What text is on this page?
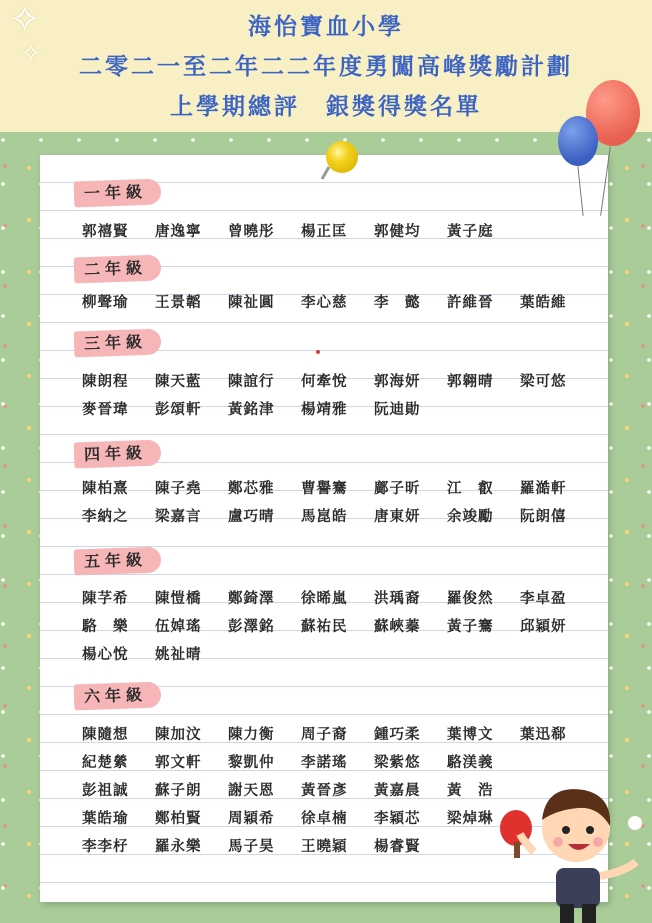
✧
✧
海怡寶血小學
二零二一至二年二二年度勇闖高峰獎勵計劃
上學期總評　銀獎得獎名單
一年級
郭禧賢 唐逸寧 曾曉彤 楊正匡 郭健均 黃子庭
二年級
柳聲瑜 王景韜 陳祉圓 李心慈 李　懿 許維晉 葉皓維
三年級
陳朗程 陳天藍 陳誼行 何牽悅 郭海妍 郭翱晴 梁可悠
麥晉瑋 彭頌軒 黃銘津 楊靖雅 阮迪勛
四年級
陳柏熹 陳子堯 鄭芯雅 曹譽騫 鄺子昕 江　叡 羅澔軒
李納之 梁嘉言 盧巧晴 馬崑皓 唐東妍 余竣勵 阮朗僖
五年級
陳芓希 陳愷橋 鄭錡澤 徐晞嵐 洪瑀裔 羅俊然 李卓盈
駱　樂 伍婥瑤 彭澤銘 蘇祐民 蘇峽蓁 黃子騫 邱穎妍
楊心悅 姚祉晴
六年級
陳隨想 陳加汶 陳力衡 周子裔 鍾巧柔 葉博文 葉迅郗
紀楚縈 郭文軒 黎凱仲 李諾瑤 梁紫悠 駱渼義
彭祖誠 蘇子朗 謝天恩 黃晉彥 黃嘉晨 黃　浩
葉皓瑜 鄭柏賢 周穎希 徐卓楠 李穎芯 梁焯琳
李李杍 羅永樂 馬子昊 王曉穎 楊睿賢
